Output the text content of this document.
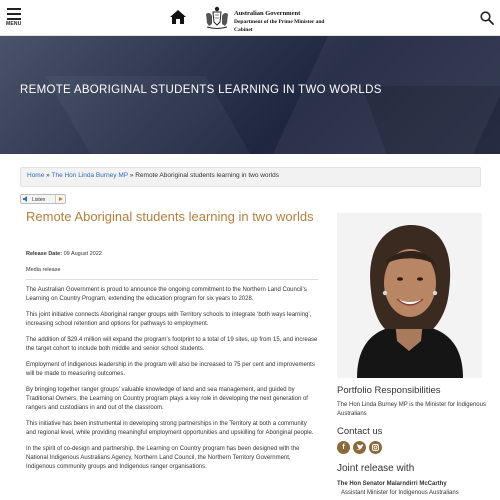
MENU
Australian Government
Department of the Prime Minister and Cabinet
REMOTE ABORIGINAL STUDENTS LEARNING IN TWO WORLDS
Home » The Hon Linda Burney MP » Remote Aboriginal students learning in two worlds
Listen
Remote Aboriginal students learning in two worlds
Release Date: 09 August 2022
Media release

The Australian Government is proud to announce the ongoing commitment to the Northern Land Council’s Learning on Country Program, extending the education program for six years to 2028.

This joint initiative connects Aboriginal ranger groups with Territory schools to integrate ‘both ways learning’, increasing school retention and options for pathways to employment.

The addition of $29.4 million will expand the program’s footprint to a total of 19 sites, up from 15, and increase the target cohort to include both middle and senior school students.

Employment of Indigenous leadership in the program will also be increased to 75 per cent and improvements will be made to measuring outcomes.

By bringing together ranger groups’ valuable knowledge of land and sea management, and guided by Traditional Owners, the Learning on Country program plays a key role in developing the next generation of rangers and custodians in and out of the classroom.

This initiative has been instrumental in developing strong partnerships in the Territory at both a community and regional level, while providing meaningful employment opportunities and upskilling for Aboriginal people.

In the spirit of co-design and partnership, the Learning on Country program has been designed with the National Indigenous Australians Agency, Northern Land Council, the Northern Territory Government, Indigenous community groups and Indigenous ranger organisations.

Portfolio Responsibilities
The Hon Linda Burney MP is the Minister for Indigenous Australians
Contact us
f
Joint release with
The Hon Senator Malarndirri McCarthy
Assistant Minister for Indigenous Australians
